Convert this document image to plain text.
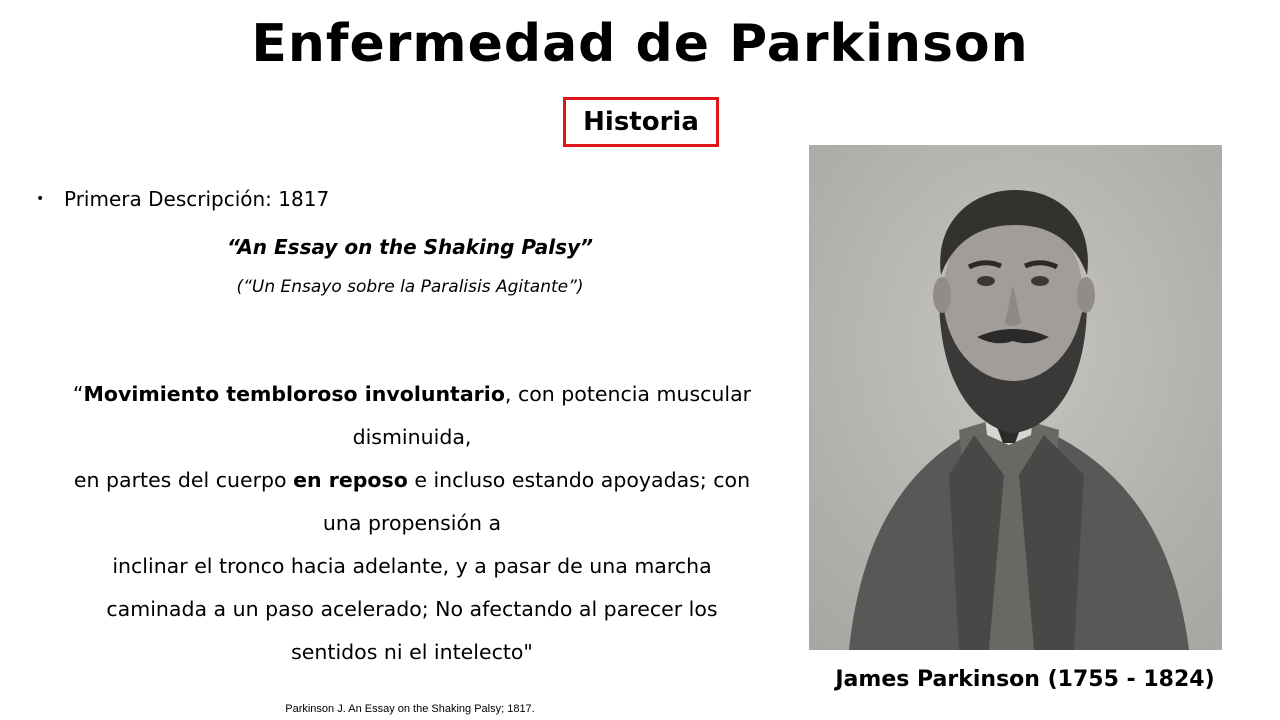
Enfermedad de Parkinson
Historia
• Primera Descripción: 1817
“An Essay on the Shaking Palsy”
(“Un Ensayo sobre la Paralisis Agitante”)
“Movimiento tembloroso involuntario, con potencia muscular disminuida,
en partes del cuerpo en reposo e incluso estando apoyadas; con una propensión a
inclinar el tronco hacia adelante, y a pasar de una marcha caminada a un paso acelerado; No afectando al parecer los sentidos ni el intelecto"
Parkinson J. An Essay on the Shaking Palsy; 1817.
James Parkinson (1755 - 1824)
